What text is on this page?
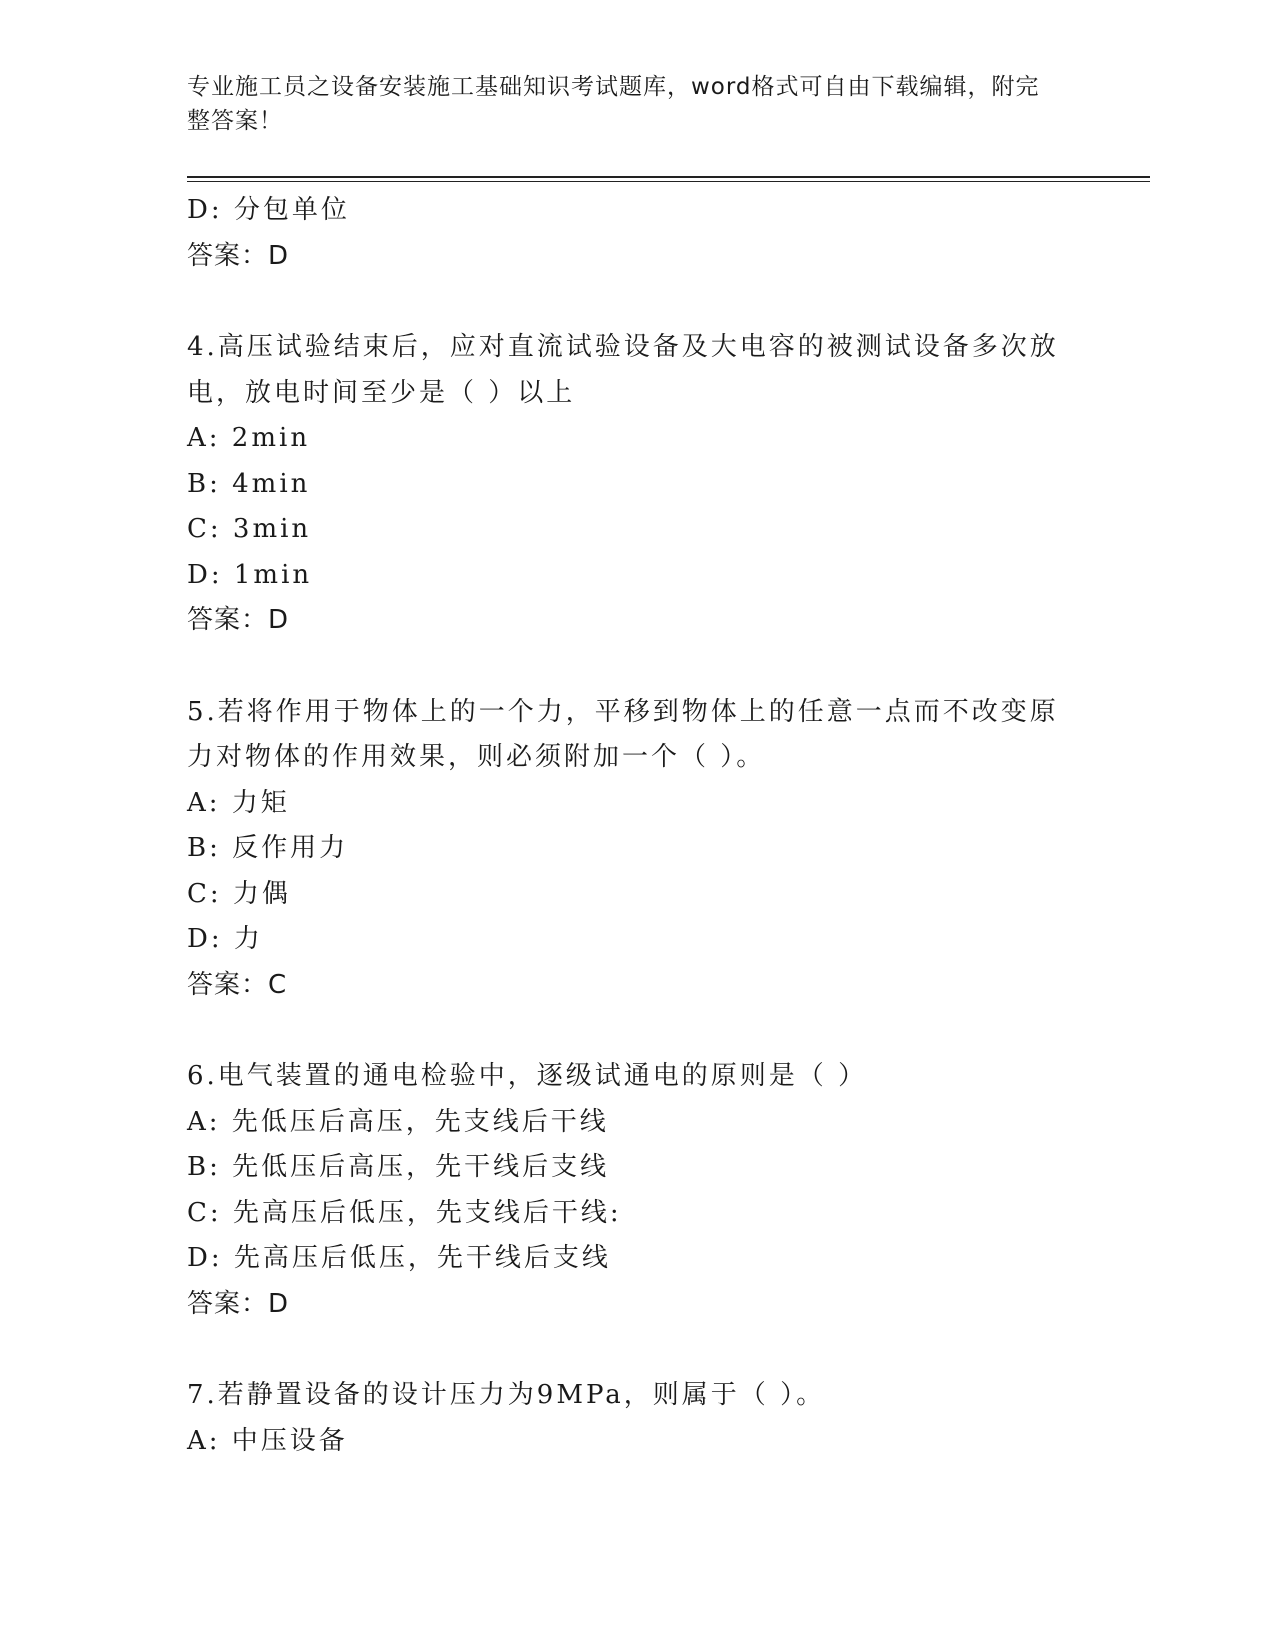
专业施工员之设备安装施工基础知识考试题库，word格式可自由下载编辑，附完
整答案！
D: 分包单位
答案：D
4.高压试验结束后，应对直流试验设备及大电容的被测试设备多次放
电，放电时间至少是（ ）以上
A: 2min
B: 4min
C: 3min
D: 1min
答案：D
5.若将作用于物体上的一个力，平移到物体上的任意一点而不改变原
力对物体的作用效果，则必须附加一个（ ）。
A: 力矩
B: 反作用力
C: 力偶
D: 力
答案：C
6.电气装置的通电检验中，逐级试通电的原则是（ ）
A: 先低压后高压，先支线后干线
B: 先低压后高压，先干线后支线
C: 先高压后低压，先支线后干线:
D: 先高压后低压，先干线后支线
答案：D
7.若静置设备的设计压力为9MPa，则属于（ ）。
A: 中压设备
